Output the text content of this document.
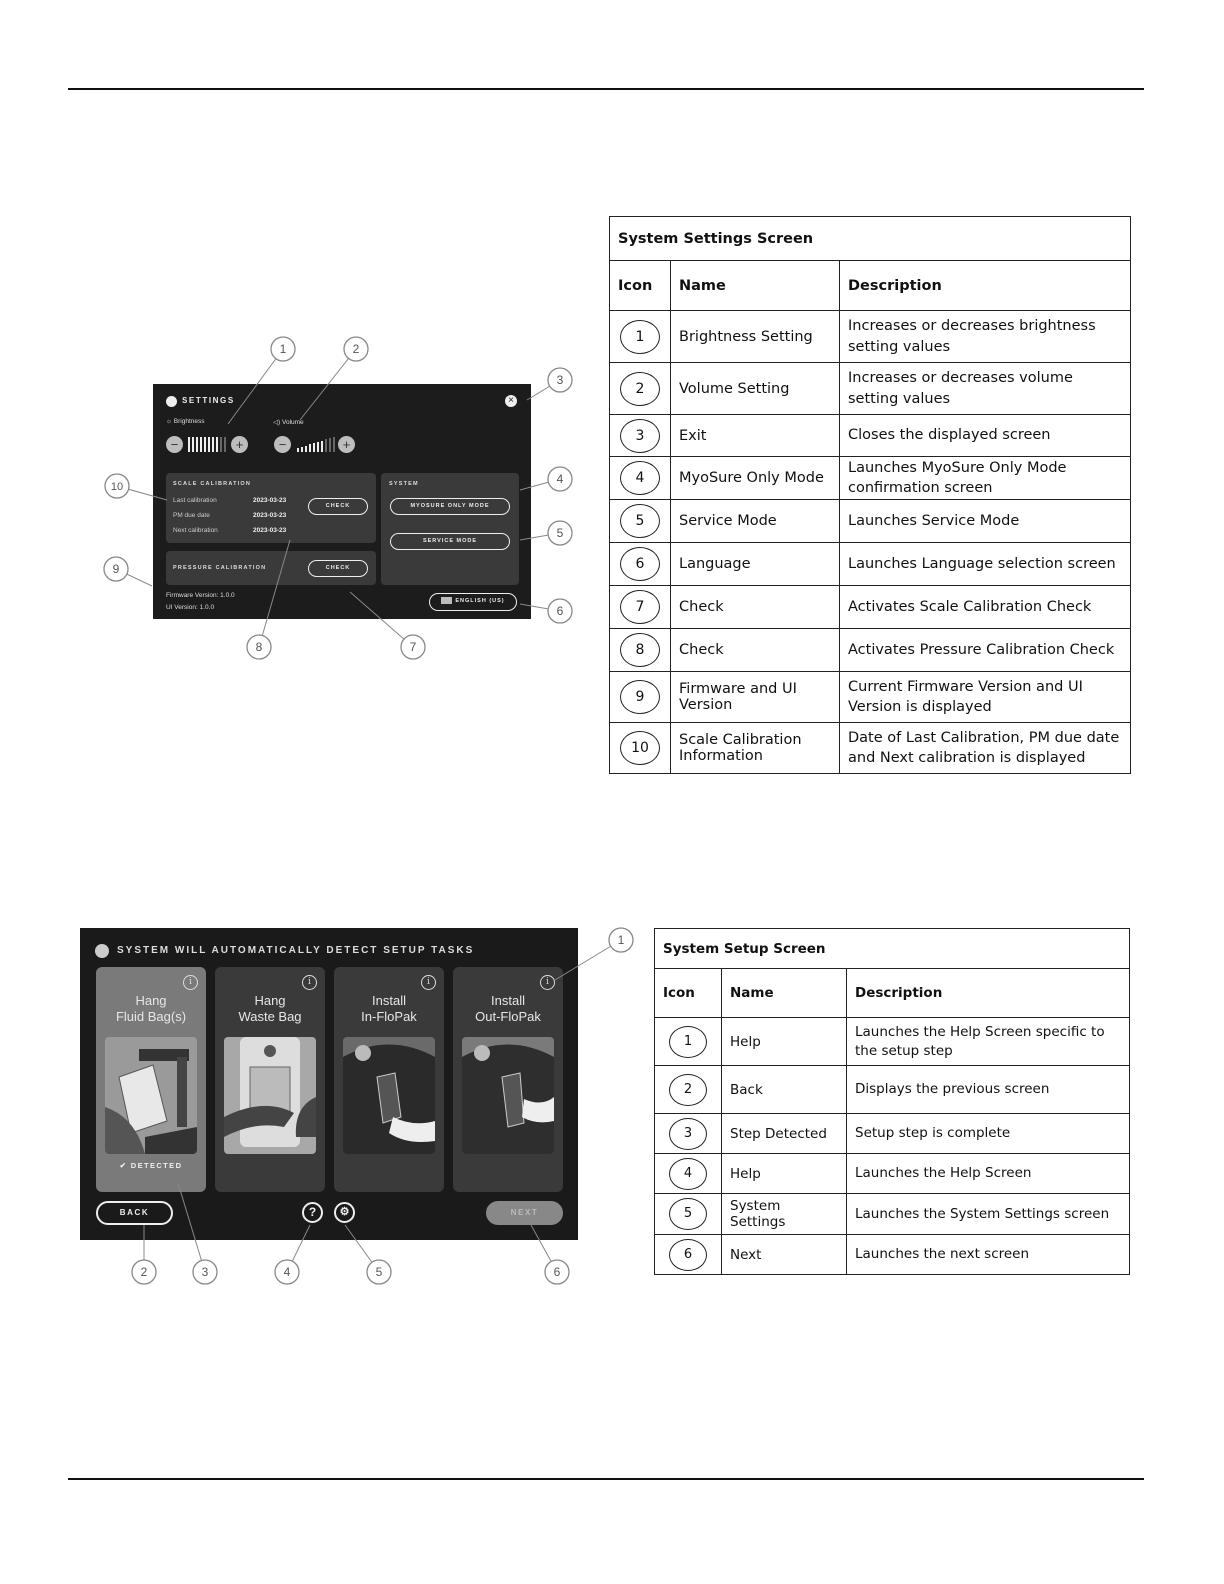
SETTINGS	×
☼ Brightness	◁) Volume
−	+	−	+
SCALE CALIBRATION
Last calibration	2023-03-23
PM due date	2023-03-23
Next calibration	2023-03-23
CHECK
PRESSURE CALIBRATION	CHECK
SYSTEM
MYOSURE ONLY MODE
SERVICE MODE
Firmware Version: 1.0.0
UI Version: 1.0.0
ENGLISH (US)
System Settings Screen		
Icon	Name	Description
1	Brightness Setting	Increases or decreases brightness setting values
2	Volume Setting	Increases or decreases volume setting values
3	Exit	Closes the displayed screen
4	MyoSure Only Mode	Launches MyoSure Only Mode confirmation screen
5	Service Mode	Launches Service Mode
6	Language	Launches Language selection screen
7	Check	Activates Scale Calibration Check
8	Check	Activates Pressure Calibration Check
9	Firmware and UI Version	Current Firmware Version and UI Version is displayed
10	Scale Calibration Information	Date of Last Calibration, PM due date and Next calibration is displayed
SYSTEM WILL AUTOMATICALLY DETECT SETUP TASKS
i
Hang
Fluid Bag(s)
✔ DETECTED
i
Hang
Waste Bag
i
Install
In-FloPak
i
Install
Out-FloPak
BACK	?	⚙	NEXT
System Setup Screen		
Icon	Name	Description
1	Help	Launches the Help Screen specific to the setup step
2	Back	Displays the previous screen
3	Step Detected	Setup step is complete
4	Help	Launches the Help Screen
5	System Settings	Launches the System Settings screen
6	Next	Launches the next screen
1	2
3
4
5
6
7
8
9
10
1
2	3	4	5	6
